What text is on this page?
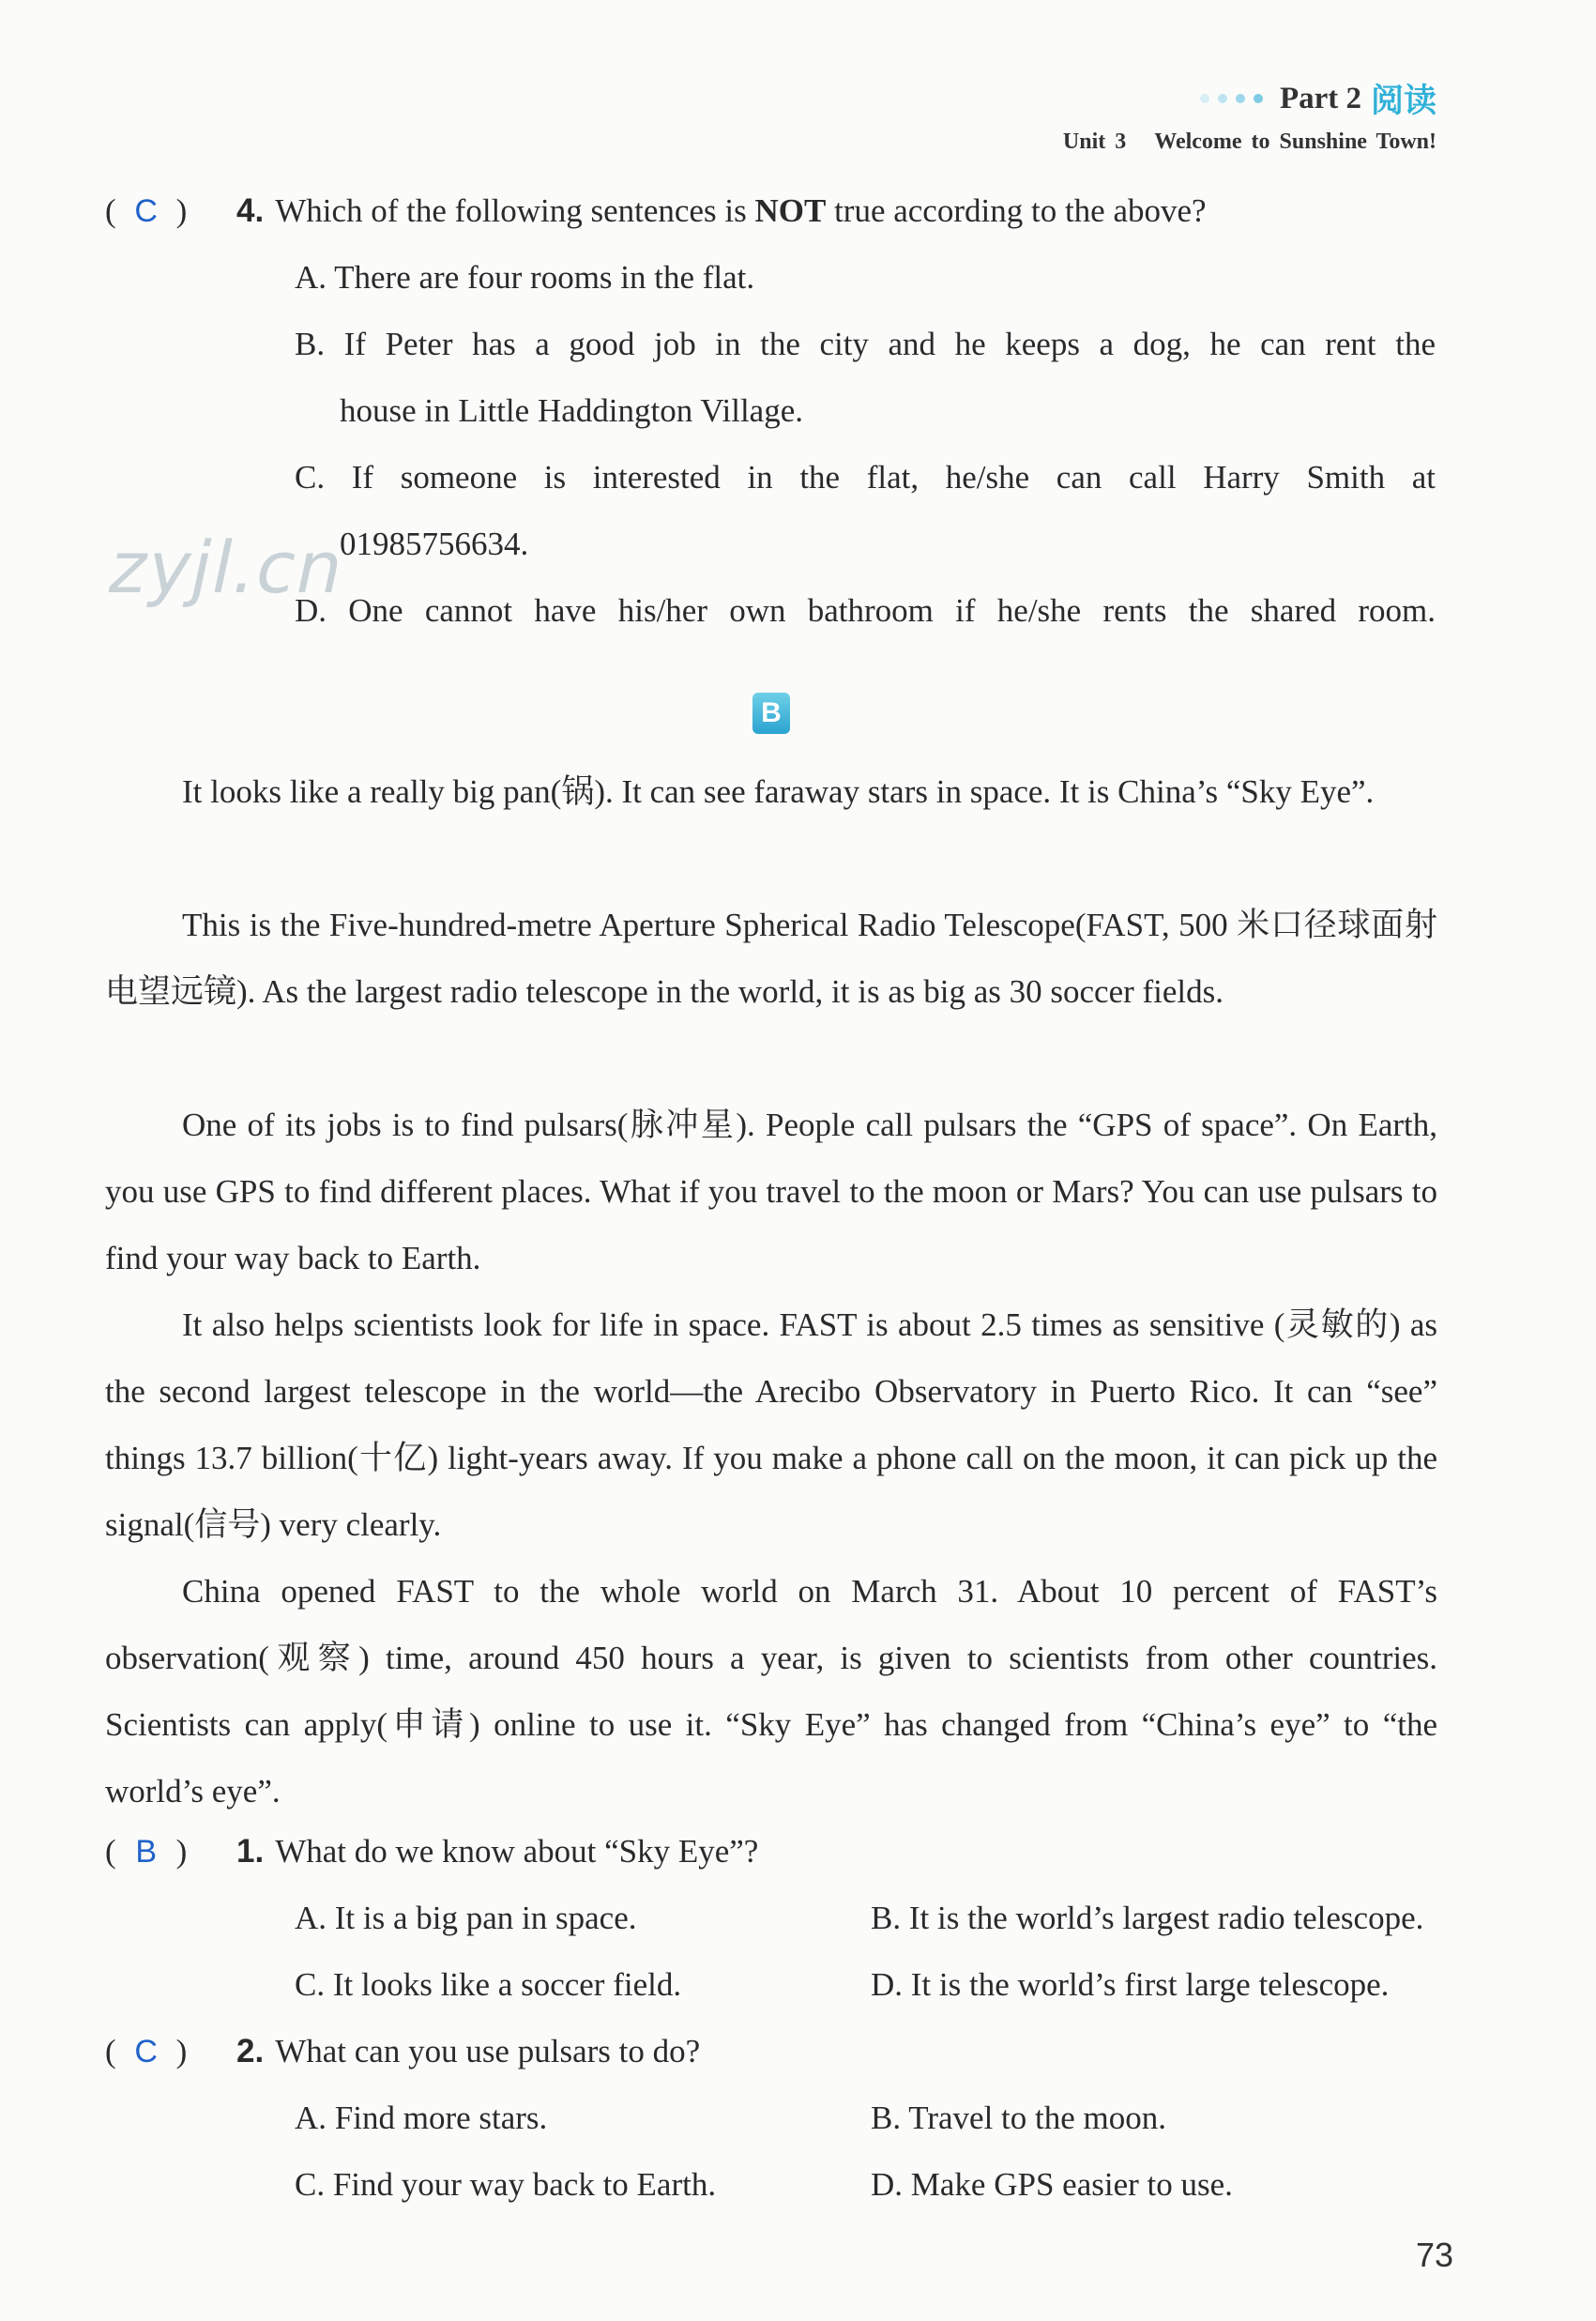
Part 2 阅读
Unit 3 Welcome to Sunshine Town!
zyjl.cn
( C ) 4. Which of the following sentences is NOT true according to the above?
A. There are four rooms in the flat.
B. If Peter has a good job in the city and he keeps a dog, he can rent the
house in Little Haddington Village.
C. If someone is interested in the flat, he/she can call Harry Smith at
01985756634.
D. One cannot have his/her own bathroom if he/she rents the shared room.
B
It looks like a really big pan(锅). It can see faraway stars in space. It is China’s “Sky Eye”.
This is the Five-hundred-metre Aperture Spherical Radio Telescope(FAST, 500 米口径球面射电望远镜). As the largest radio telescope in the world, it is as big as 30 soccer fields.
One of its jobs is to find pulsars(脉冲星). People call pulsars the “GPS of space”. On Earth, you use GPS to find different places. What if you travel to the moon or Mars? You can use pulsars to find your way back to Earth.
It also helps scientists look for life in space. FAST is about 2.5 times as sensitive (灵敏的) as the second largest telescope in the world—the Arecibo Observatory in Puerto Rico. It can “see” things 13.7 billion(十亿) light-years away. If you make a phone call on the moon, it can pick up the signal(信号) very clearly.
China opened FAST to the whole world on March 31. About 10 percent of FAST’s observation(观察) time, around 450 hours a year, is given to scientists from other countries. Scientists can apply(申请) online to use it. “Sky Eye” has changed from “China’s eye” to “the world’s eye”.
( B ) 1. What do we know about “Sky Eye”?
A. It is a big pan in space.	B. It is the world’s largest radio telescope.
C. It looks like a soccer field.	D. It is the world’s first large telescope.
( C ) 2. What can you use pulsars to do?
A. Find more stars.	B. Travel to the moon.
C. Find your way back to Earth.	D. Make GPS easier to use.
73
